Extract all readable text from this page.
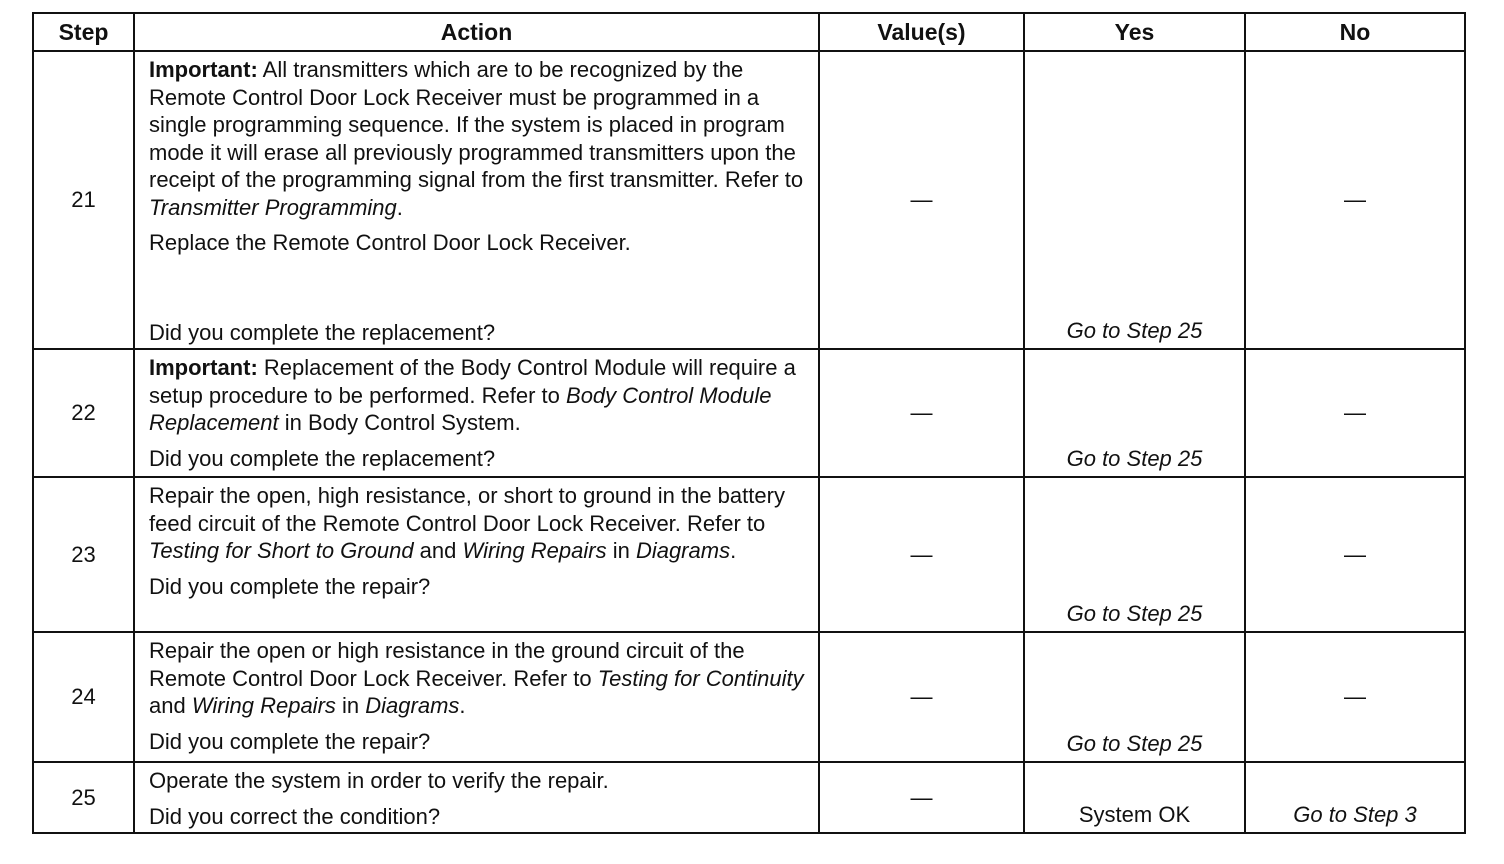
Step	Action	Value(s)	Yes	No
21	Important: All transmitters which are to be recognized by the Remote Control Door Lock Receiver must be programmed in a single programming sequence. If the system is placed in program mode it will erase all previously programmed transmitters upon the receipt of the programming signal from the first transmitter. Refer to Transmitter Programming.
Replace the Remote Control Door Lock Receiver.
Did you complete the replacement?	—	Go to Step 25	—
22	Important: Replacement of the Body Control Module will require a setup procedure to be performed. Refer to Body Control Module Replacement in Body Control System.
Did you complete the replacement?	—	Go to Step 25	—
23	Repair the open, high resistance, or short to ground in the battery feed circuit of the Remote Control Door Lock Receiver. Refer to Testing for Short to Ground and Wiring Repairs in Diagrams.
Did you complete the repair?	—	Go to Step 25	—
24	Repair the open or high resistance in the ground circuit of the Remote Control Door Lock Receiver. Refer to Testing for Continuity and Wiring Repairs in Diagrams.
Did you complete the repair?	—	Go to Step 25	—
25	Operate the system in order to verify the repair.
Did you correct the condition?	—	System OK	Go to Step 3
